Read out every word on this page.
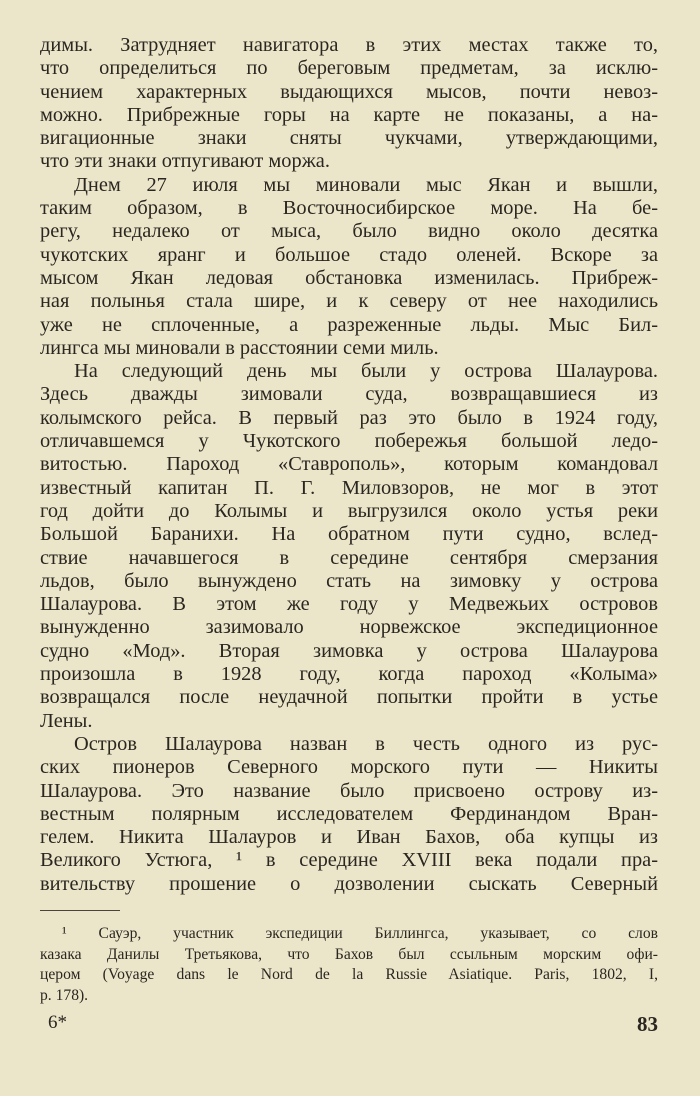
димы. Затрудняет навигатора в этих местах также то,
что определиться по береговым предметам, за исклю-
чением характерных выдающихся мысов, почти невоз-
можно. Прибрежные горы на карте не показаны, а на-
вигационные знаки сняты чукчами, утверждающими,
что эти знаки отпугивают моржа.
Днем 27 июля мы миновали мыс Якан и вышли,
таким образом, в Восточносибирское море. На бе-
регу, недалеко от мыса, было видно около десятка
чукотских яранг и большое стадо оленей. Вскоре за
мысом Якан ледовая обстановка изменилась. Прибреж-
ная полынья стала шире, и к северу от нее находились
уже не сплоченные, а разреженные льды. Мыс Бил-
лингса мы миновали в расстоянии семи миль.
На следующий день мы были у острова Шалаурова.
Здесь дважды зимовали суда, возвращавшиеся из
колымского рейса. В первый раз это было в 1924 году,
отличавшемся у Чукотского побережья большой ледо-
витостью. Пароход «Ставрополь», которым командовал
известный капитан П. Г. Миловзоров, не мог в этот
год дойти до Колымы и выгрузился около устья реки
Большой Баранихи. На обратном пути судно, вслед-
ствие начавшегося в середине сентября смерзания
льдов, было вынуждено стать на зимовку у острова
Шалаурова. В этом же году у Медвежьих островов
вынужденно зазимовало норвежское экспедиционное
судно «Мод». Вторая зимовка у острова Шалаурова
произошла в 1928 году, когда пароход «Колыма»
возвращался после неудачной попытки пройти в устье
Лены.
Остров Шалаурова назван в честь одного из рус-
ских пионеров Северного морского пути — Никиты
Шалаурова. Это название было присвоено острову из-
вестным полярным исследователем Фердинандом Вран-
гелем. Никита Шалауров и Иван Бахов, оба купцы из
Великого Устюга, ¹ в середине XVIII века подали пра-
вительству прошение о дозволении сыскать Северный
¹ Сауэр, участник экспедиции Биллингса, указывает, со слов
казака Данилы Третьякова, что Бахов был ссыльным морским офи-
цером (Voyage dans le Nord de la Russie Asiatique. Paris, 1802, I,
p. 178).
6*	83
